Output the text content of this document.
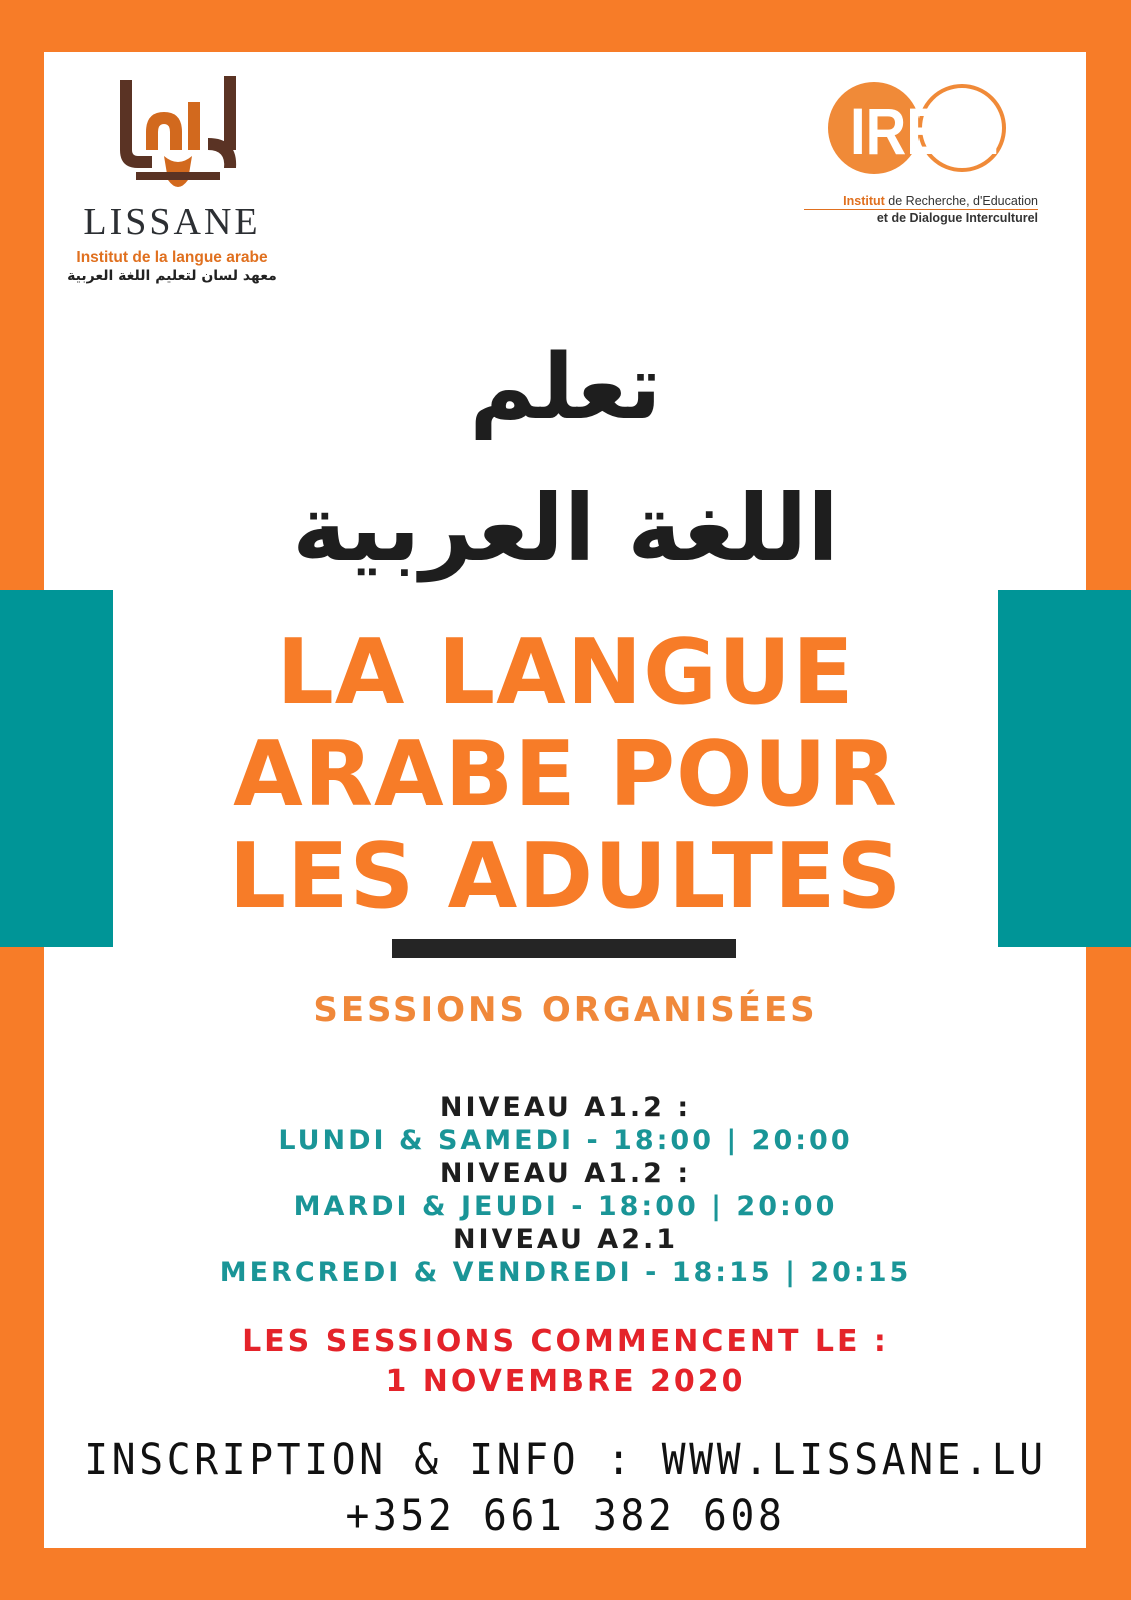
LISSANE
Institut de la langue arabe
معهد لسان لتعليم اللغة العربية
IREDI
Institut de Recherche, d'Education
et de Dialogue Interculturel
تعلم
اللغة العربية
LA LANGUE
ARABE POUR
LES ADULTES
SESSIONS ORGANISÉES
NIVEAU A1.2 :
LUNDI & SAMEDI - 18:00 | 20:00
NIVEAU A1.2 :
MARDI & JEUDI - 18:00 | 20:00
NIVEAU A2.1
MERCREDI & VENDREDI - 18:15 | 20:15
LES SESSIONS COMMENCENT LE :
1 NOVEMBRE 2020
INSCRIPTION & INFO : WWW.LISSANE.LU
+352 661 382 608
